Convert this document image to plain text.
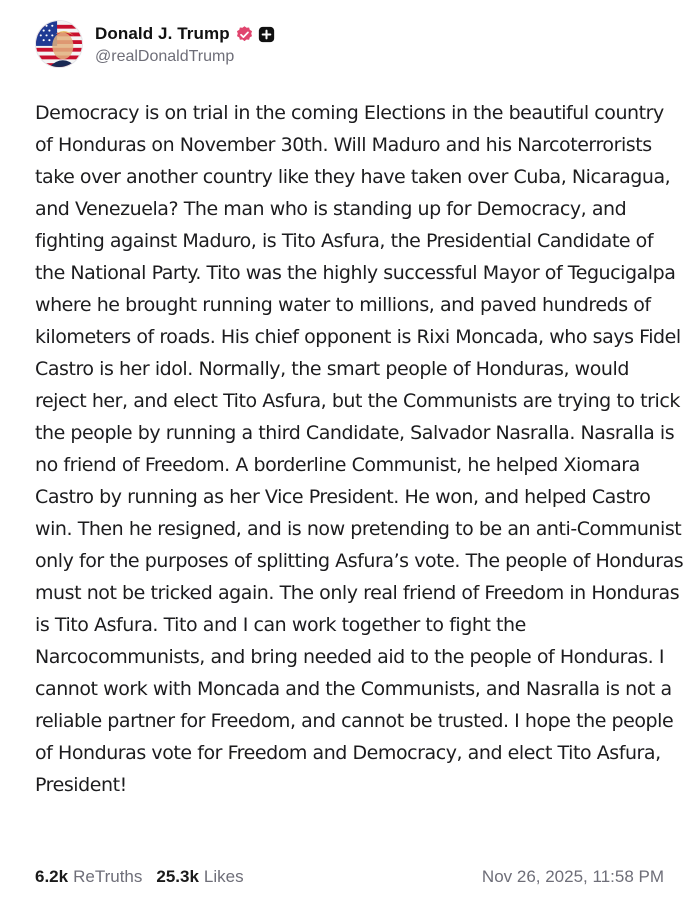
Donald J. Trump
@realDonaldTrump

Democracy is on trial in the coming Elections in the beautiful country of Honduras on November 30th. Will Maduro and his Narcoterrorists take over another country like they have taken over Cuba, Nicaragua, and Venezuela? The man who is standing up for Democracy, and fighting against Maduro, is Tito Asfura, the Presidential Candidate of the National Party. Tito was the highly successful Mayor of Tegucigalpa where he brought running water to millions, and paved hundreds of kilometers of roads. His chief opponent is Rixi Moncada, who says Fidel Castro is her idol. Normally, the smart people of Honduras, would reject her, and elect Tito Asfura, but the Communists are trying to trick the people by running a third Candidate, Salvador Nasralla. Nasralla is no friend of Freedom. A borderline Communist, he helped Xiomara Castro by running as her Vice President. He won, and helped Castro win. Then he resigned, and is now pretending to be an anti-Communist only for the purposes of splitting Asfura’s vote. The people of Honduras must not be tricked again. The only real friend of Freedom in Honduras is Tito Asfura. Tito and I can work together to fight the Narcocommunists, and bring needed aid to the people of Honduras. I cannot work with Moncada and the Communists, and Nasralla is not a reliable partner for Freedom, and cannot be trusted. I hope the people of Honduras vote for Freedom and Democracy, and elect Tito Asfura, President!

6.2k ReTruths 25.3k Likes	Nov 26, 2025, 11:58 PM
